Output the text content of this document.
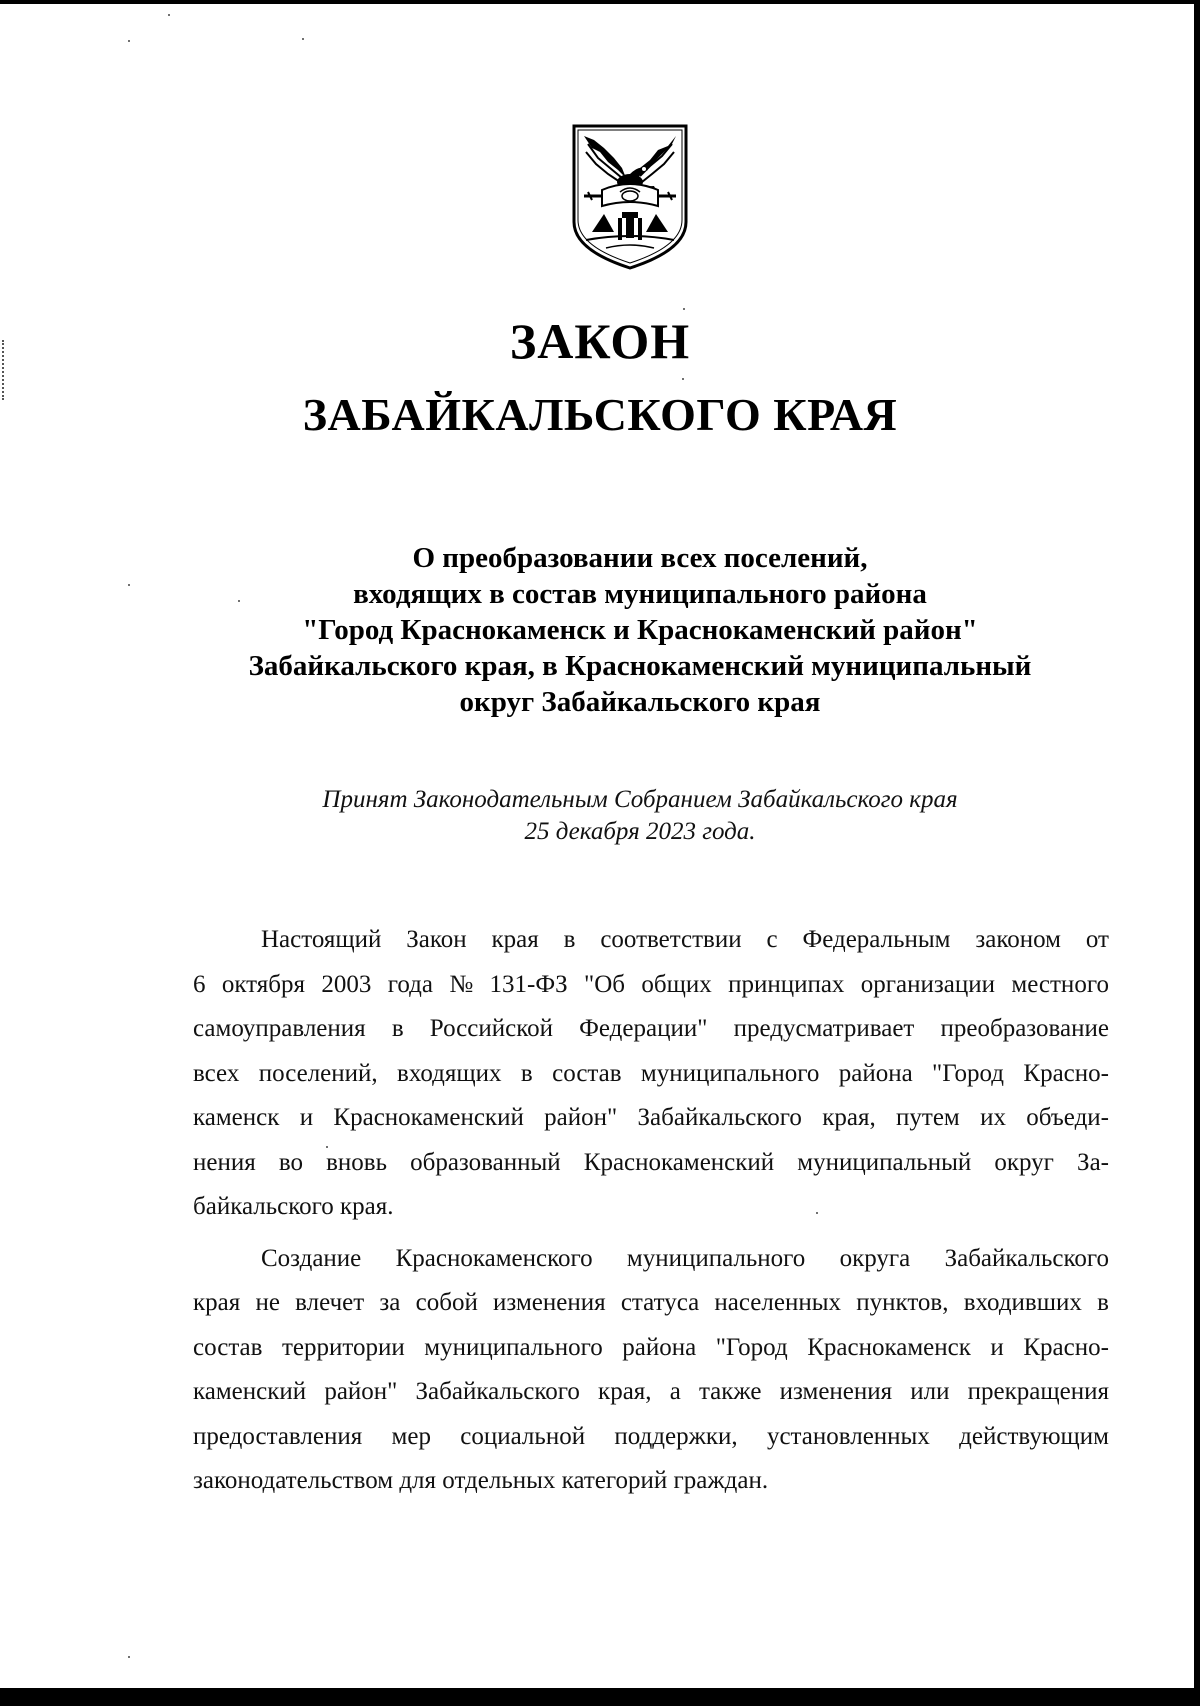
ЗАКОН
ЗАБАЙКАЛЬСКОГО КРАЯ
О преобразовании всех поселений,
входящих в состав муниципального района
"Город Краснокаменск и Краснокаменский район"
Забайкальского края, в Краснокаменский муниципальный
округ Забайкальского края
Принят Законодательным Собранием Забайкальского края
25 декабря 2023 года.
Настоящий Закон края в соответствии с Федеральным законом от
6 октября 2003 года № 131-ФЗ "Об общих принципах организации местного
самоуправления в Российской Федерации" предусматривает преобразование
всех поселений, входящих в состав муниципального района "Город Красно-
каменск и Краснокаменский район" Забайкальского края, путем их объеди-
нения во вновь образованный Краснокаменский муниципальный округ За-
байкальского края.
Создание Краснокаменского муниципального округа Забайкальского
края не влечет за собой изменения статуса населенных пунктов, входивших в
состав территории муниципального района "Город Краснокаменск и Красно-
каменский район" Забайкальского края, а также изменения или прекращения
предоставления мер социальной поддержки, установленных действующим
законодательством для отдельных категорий граждан.
